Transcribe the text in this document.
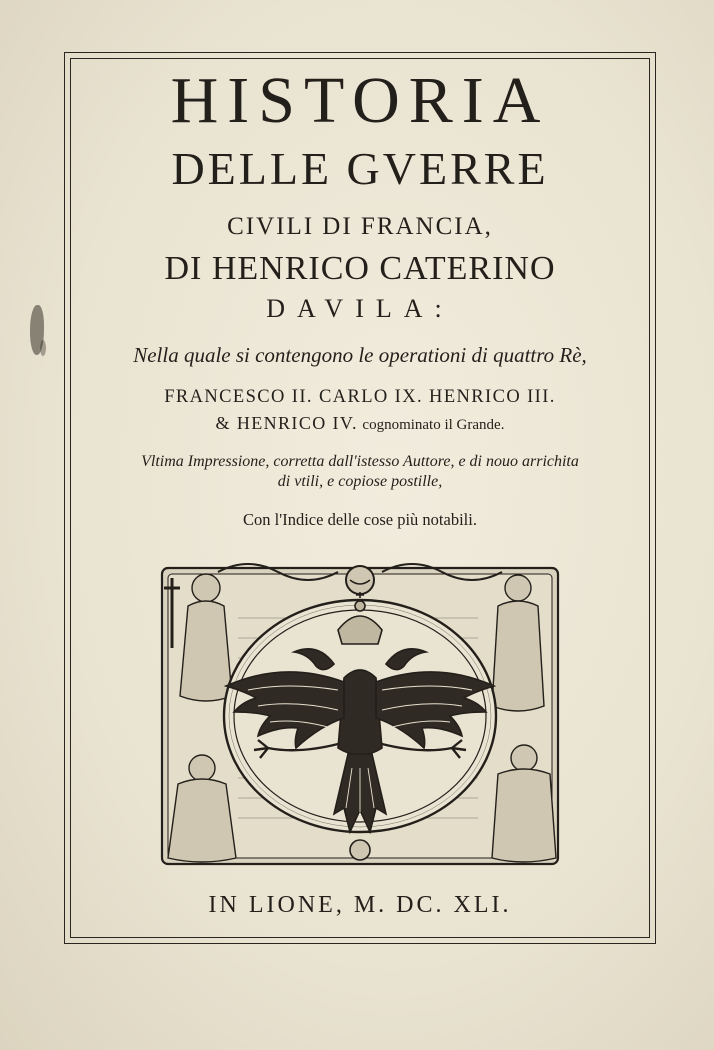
HISTORIA
DELLE GVERRE
CIVILI DI FRANCIA,
DI HENRICO CATERINO
DAVILA:
Nella quale si contengono le operationi di quattro Rè,
FRANCESCO II. CARLO IX. HENRICO III.
& HENRICO IV. cognominato il Grande.
Vltima Impressione, corretta dall'istesso Auttore, e di nouo arrichita
di vtili, e copiose postille,
Con l'Indice delle cose più notabili.
IN LIONE, M. DC. XLI.
